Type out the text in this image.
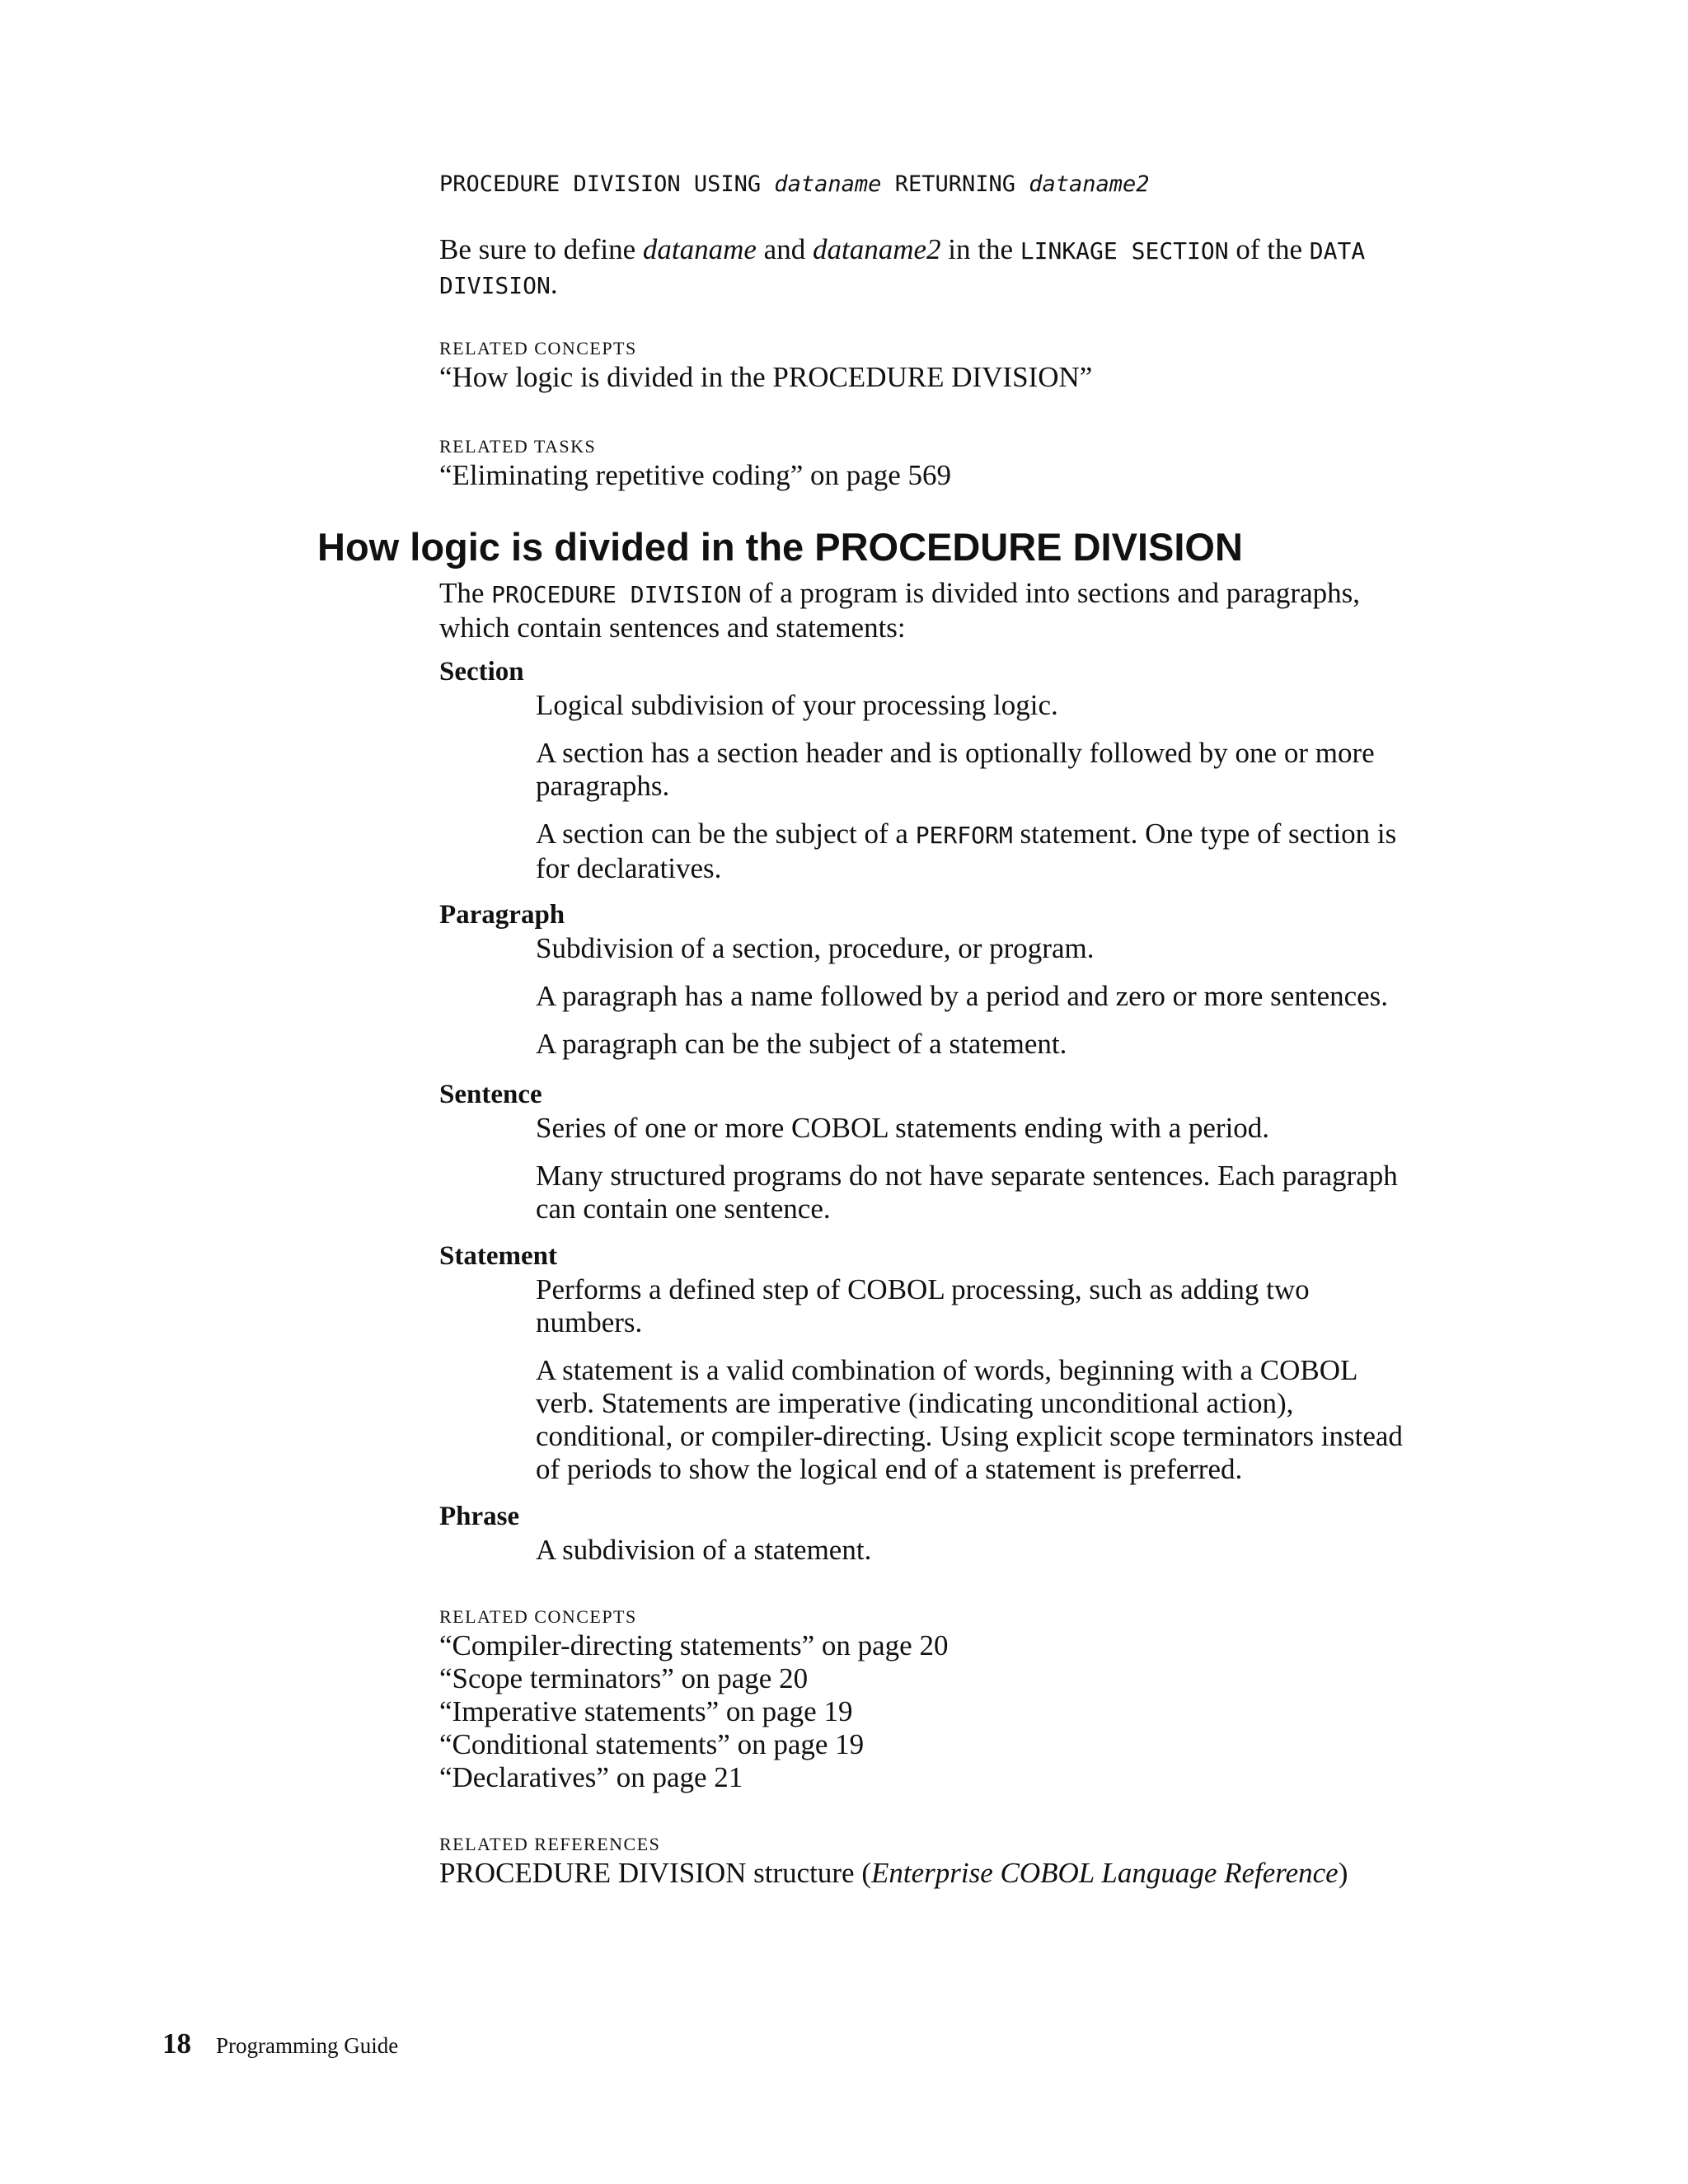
PROCEDURE DIVISION USING dataname RETURNING dataname2
Be sure to define dataname and dataname2 in the LINKAGE SECTION of the DATA
DIVISION.
RELATED CONCEPTS
“How logic is divided in the PROCEDURE DIVISION”
RELATED TASKS
“Eliminating repetitive coding” on page 569
How logic is divided in the PROCEDURE DIVISION
The PROCEDURE DIVISION of a program is divided into sections and paragraphs,
which contain sentences and statements:
Section
Logical subdivision of your processing logic.
A section has a section header and is optionally followed by one or more
paragraphs.
A section can be the subject of a PERFORM statement. One type of section is
for declaratives.
Paragraph
Subdivision of a section, procedure, or program.
A paragraph has a name followed by a period and zero or more sentences.
A paragraph can be the subject of a statement.
Sentence
Series of one or more COBOL statements ending with a period.
Many structured programs do not have separate sentences. Each paragraph
can contain one sentence.
Statement
Performs a defined step of COBOL processing, such as adding two
numbers.
A statement is a valid combination of words, beginning with a COBOL
verb. Statements are imperative (indicating unconditional action),
conditional, or compiler-directing. Using explicit scope terminators instead
of periods to show the logical end of a statement is preferred.
Phrase
A subdivision of a statement.
RELATED CONCEPTS
“Compiler-directing statements” on page 20
“Scope terminators” on page 20
“Imperative statements” on page 19
“Conditional statements” on page 19
“Declaratives” on page 21
RELATED REFERENCES
PROCEDURE DIVISION structure (Enterprise COBOL Language Reference)
18 Programming Guide
